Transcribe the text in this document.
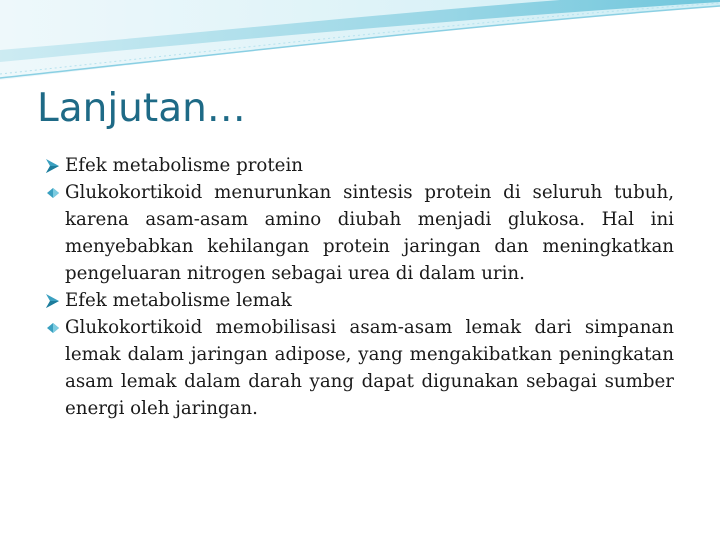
Lanjutan…
Efek metabolisme protein
Glukokortikoid menurunkan sintesis protein di seluruh tubuh, karena asam-asam amino diubah menjadi glukosa. Hal ini menyebabkan kehilangan protein jaringan dan meningkatkan pengeluaran nitrogen sebagai urea di dalam urin.
Efek metabolisme lemak
Glukokortikoid memobilisasi asam-asam lemak dari simpanan lemak dalam jaringan adipose, yang mengakibatkan peningkatan asam lemak dalam darah yang dapat digunakan sebagai sumber energi oleh jaringan.
